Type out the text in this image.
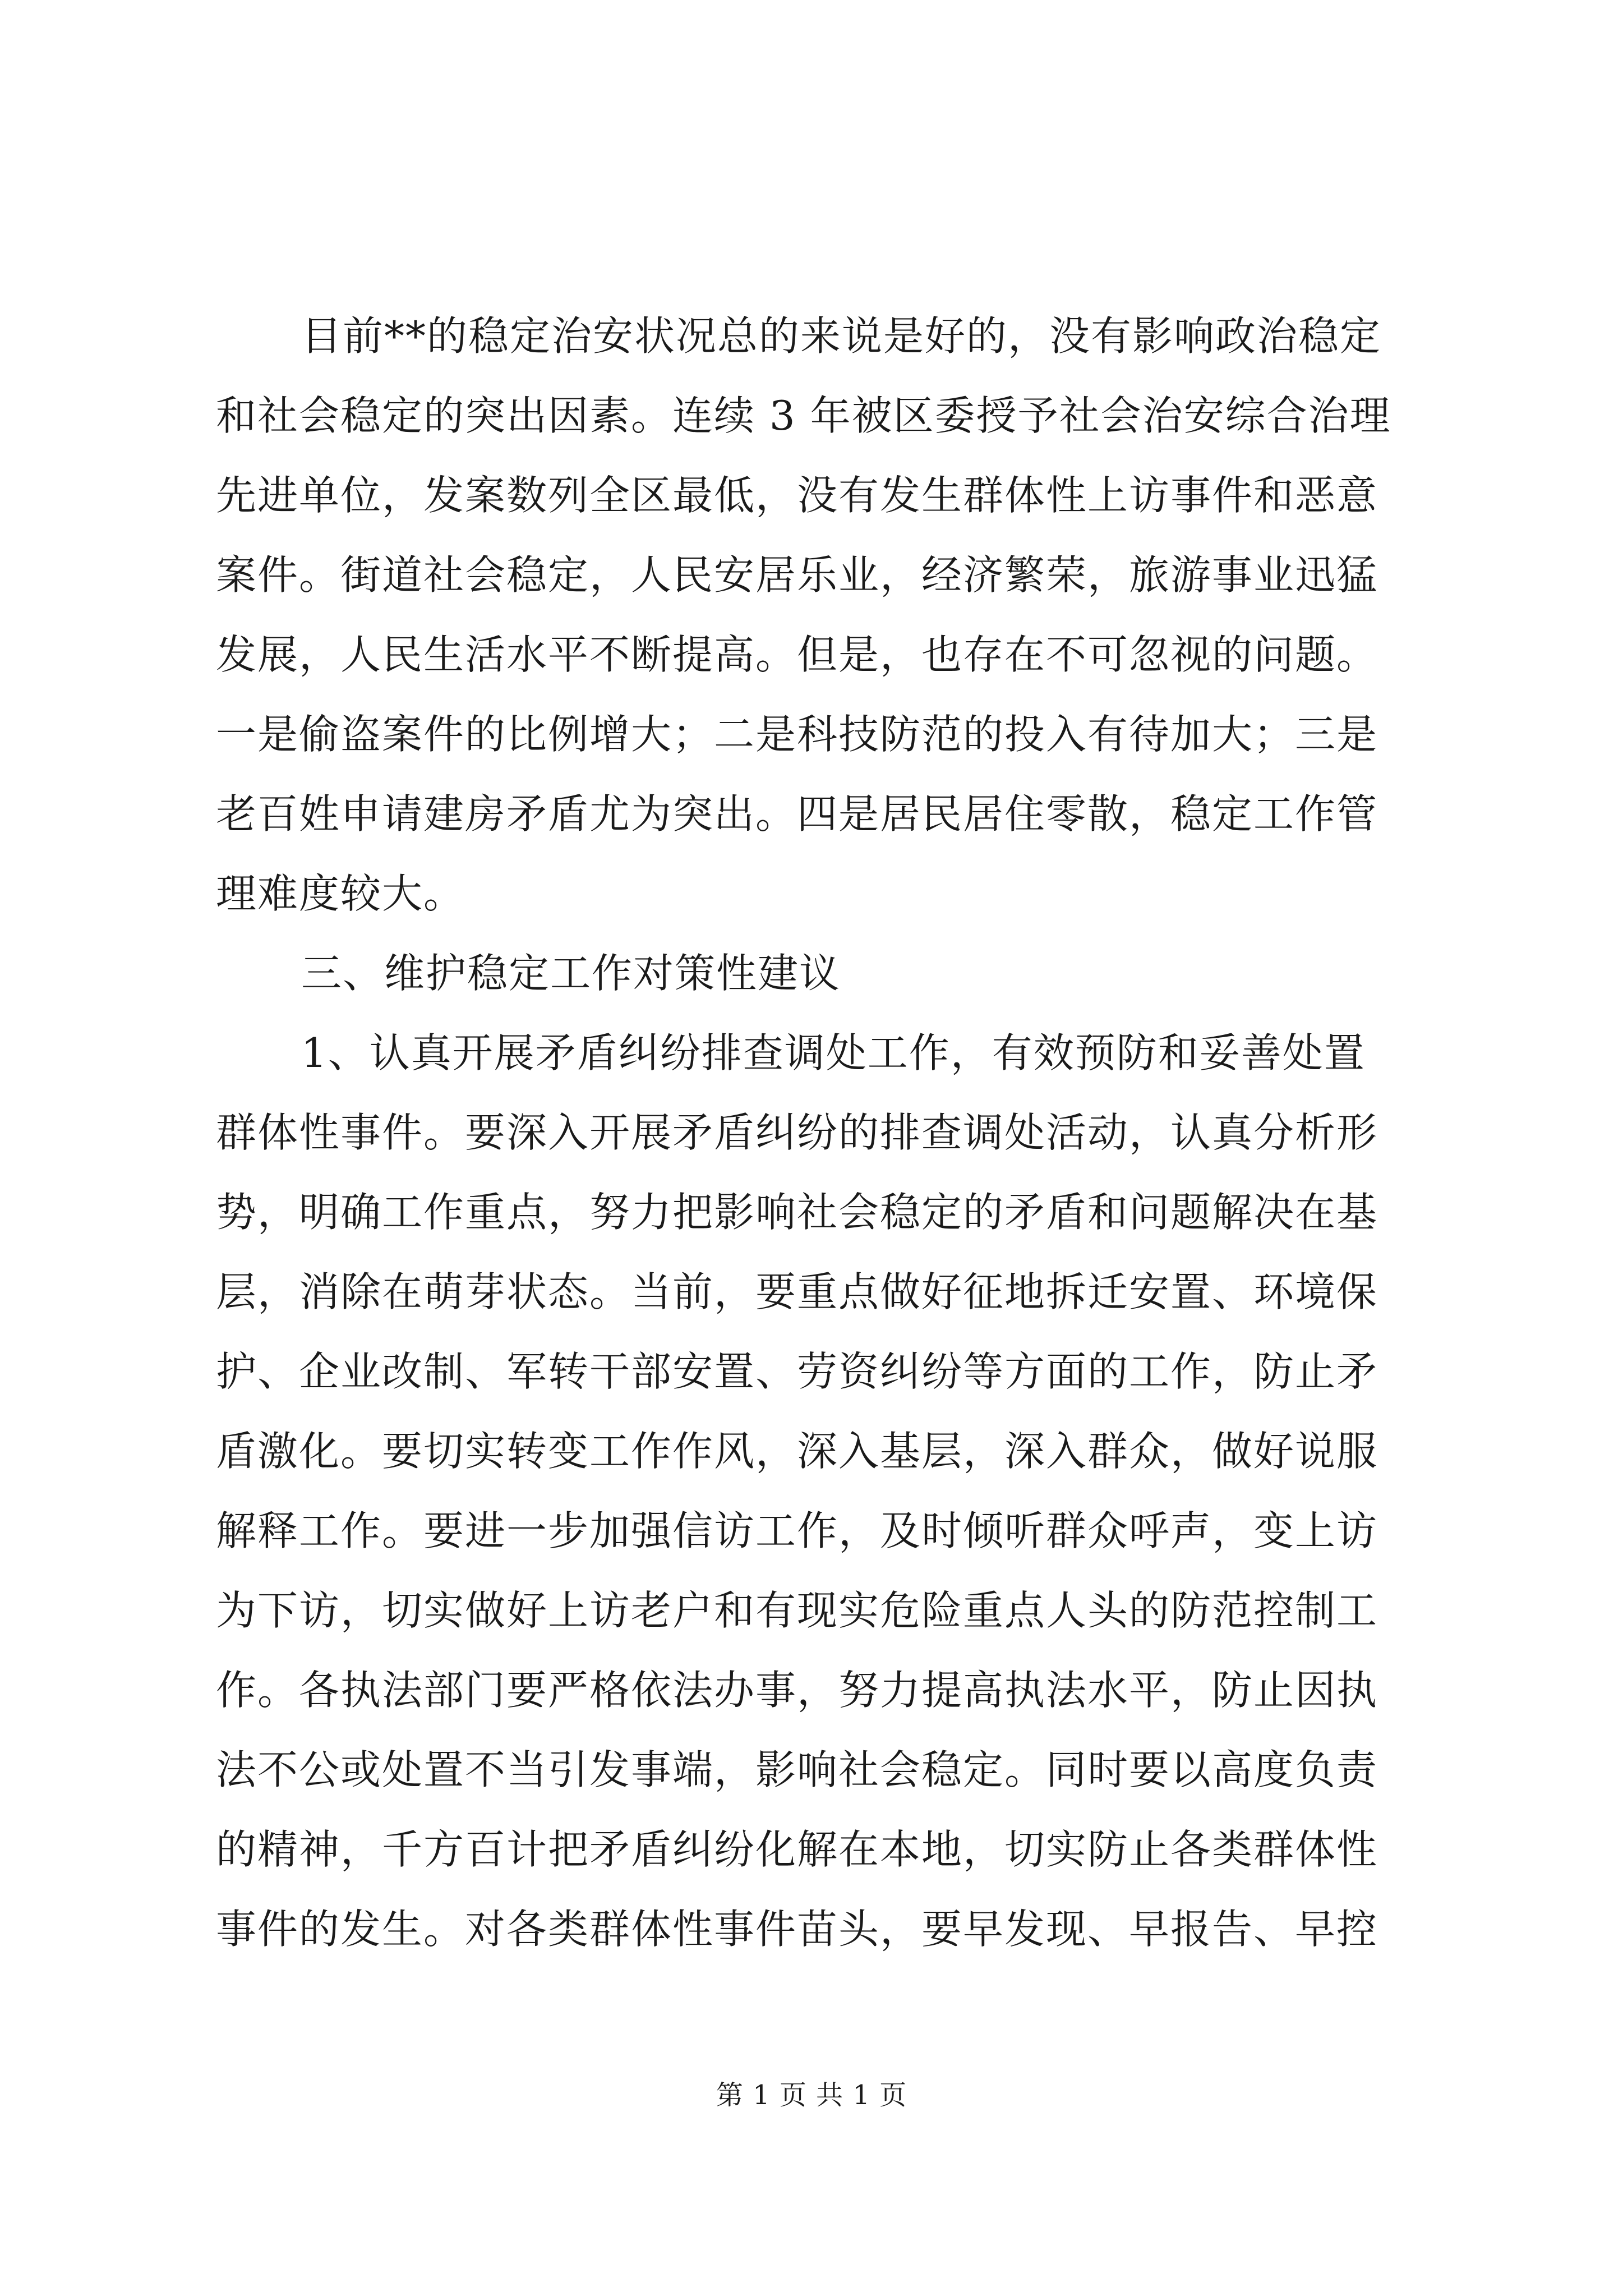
目前**的稳定治安状况总的来说是好的，没有影响政治稳定
和社会稳定的突出因素。连续 3 年被区委授予社会治安综合治理
先进单位，发案数列全区最低，没有发生群体性上访事件和恶意
案件。街道社会稳定，人民安居乐业，经济繁荣，旅游事业迅猛
发展，人民生活水平不断提高。但是，也存在不可忽视的问题。
一是偷盗案件的比例增大；二是科技防范的投入有待加大；三是
老百姓申请建房矛盾尤为突出。四是居民居住零散，稳定工作管
理难度较大。
三、维护稳定工作对策性建议
1、认真开展矛盾纠纷排查调处工作，有效预防和妥善处置
群体性事件。要深入开展矛盾纠纷的排查调处活动，认真分析形
势，明确工作重点，努力把影响社会稳定的矛盾和问题解决在基
层，消除在萌芽状态。当前，要重点做好征地拆迁安置、环境保
护、企业改制、军转干部安置、劳资纠纷等方面的工作，防止矛
盾激化。要切实转变工作作风，深入基层，深入群众，做好说服
解释工作。要进一步加强信访工作，及时倾听群众呼声，变上访
为下访，切实做好上访老户和有现实危险重点人头的防范控制工
作。各执法部门要严格依法办事，努力提高执法水平，防止因执
法不公或处置不当引发事端，影响社会稳定。同时要以高度负责
的精神，千方百计把矛盾纠纷化解在本地，切实防止各类群体性
事件的发生。对各类群体性事件苗头，要早发现、早报告、早控
第 1 页 共 1 页
